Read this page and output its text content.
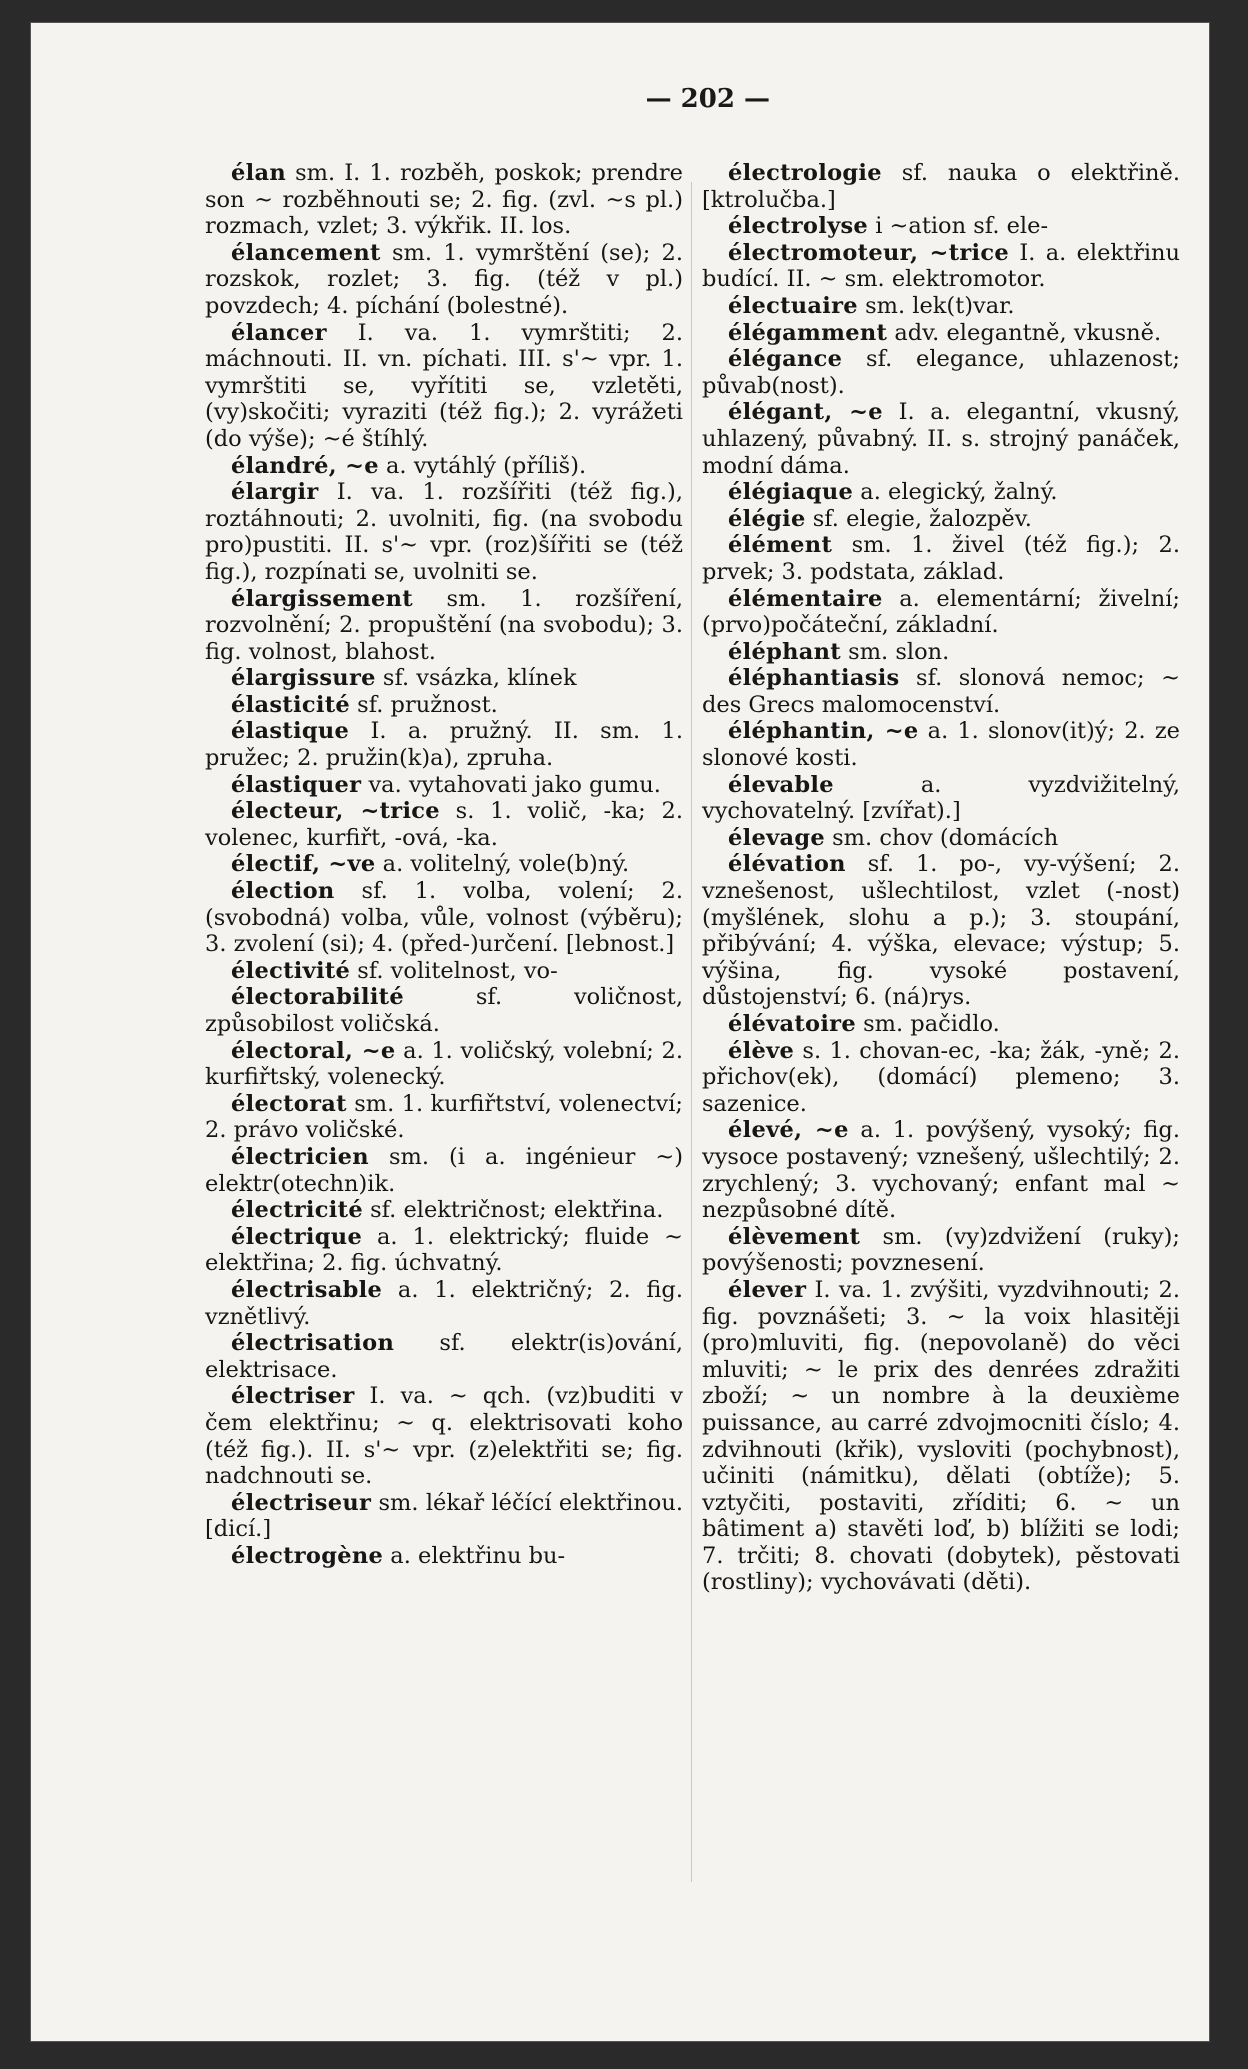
— 202 —

élan sm. I. 1. rozběh, poskok; prendre son ~ rozběhnouti se; 2. fig. (zvl. ~s pl.) rozmach, vzlet; 3. výkřik. II. los.

élancement sm. 1. vymrštění (se); 2. rozskok, rozlet; 3. fig. (též v pl.) povzdech; 4. píchání (bolestné).

élancer I. va. 1. vymrštiti; 2. máchnouti. II. vn. píchati. III. s'~ vpr. 1. vymrštiti se, vyřítiti se, vzletěti, (vy)skočiti; vyraziti (též fig.); 2. vyrážeti (do výše); ~é štíhlý.

élandré, ~e a. vytáhlý (příliš).

élargir I. va. 1. rozšířiti (též fig.), roztáhnouti; 2. uvolniti, fig. (na svobodu pro)pustiti. II. s'~ vpr. (roz)šířiti se (též fig.), rozpínati se, uvolniti se.

élargissement sm. 1. rozšíření, rozvolnění; 2. propuštění (na svobodu); 3. fig. volnost, blahost.

élargissure sf. vsázka, klínek

élasticité sf. pružnost.

élastique I. a. pružný. II. sm. 1. pružec; 2. pružin(k)a), zpruha.

élastiquer va. vytahovati jako gumu.

électeur, ~trice s. 1. volič, -ka; 2. volenec, kurfiřt, -ová, -ka.

électif, ~ve a. volitelný, vole(b)ný.

élection sf. 1. volba, volení; 2. (svobodná) volba, vůle, volnost (výběru); 3. zvolení (si); 4. (před-)určení. [lebnost.]

électivité sf. volitelnost, vo-

électorabilité sf. voličnost, způsobilost voličská.

électoral, ~e a. 1. voličský, volební; 2. kurfiřtský, volenecký.

électorat sm. 1. kurfiřtství, volenectví; 2. právo voličské.

électricien sm. (i a. ingénieur ~) elektr(otechn)ik.

électricité sf. električnost; elektřina.

électrique a. 1. elektrický; fluide ~ elektřina; 2. fig. úchvatný.

électrisable a. 1. električný; 2. fig. vznětlivý.

électrisation sf. elektr(is)ování, elektrisace.

électriser I. va. ~ qch. (vz)buditi v čem elektřinu; ~ q. elektrisovati koho (též fig.). II. s'~ vpr. (z)elektřiti se; fig. nadchnouti se.

électriseur sm. lékař léčící elektřinou. [dicí.]

électrogène a. elektřinu bu-

électrologie sf. nauka o elektřině. [ktrolučba.]

électrolyse i ~ation sf. ele-

électromoteur, ~trice I. a. elektřinu budící. II. ~ sm. elektromotor.

électuaire sm. lek(t)var.

élégamment adv. elegantně, vkusně.

élégance sf. elegance, uhlazenost; půvab(nost).

élégant, ~e I. a. elegantní, vkusný, uhlazený, půvabný. II. s. strojný panáček, modní dáma.

élégiaque a. elegický, žalný.

élégie sf. elegie, žalozpěv.

élément sm. 1. živel (též fig.); 2. prvek; 3. podstata, základ.

élémentaire a. elementární; živelní; (prvo)počáteční, základní.

éléphant sm. slon.

éléphantiasis sf. slonová nemoc; ~ des Grecs malomocenství.

éléphantin, ~e a. 1. slonov(it)ý; 2. ze slonové kosti.

élevable a. vyzdvižitelný, vychovatelný. [zvířat).]

élevage sm. chov (domácích

élévation sf. 1. po-, vy-výšení; 2. vznešenost, ušlechtilost, vzlet (-nost) (myšlének, slohu a p.); 3. stoupání, přibývání; 4. výška, elevace; výstup; 5. výšina, fig. vysoké postavení, důstojenství; 6. (ná)rys.

élévatoire sm. pačidlo.

élève s. 1. chovan-ec, -ka; žák, -yně; 2. přichov(ek), (domácí) plemeno; 3. sazenice.

élevé, ~e a. 1. povýšený, vysoký; fig. vysoce postavený; vznešený, ušlechtilý; 2. zrychlený; 3. vychovaný; enfant mal ~ nezpůsobné dítě.

élèvement sm. (vy)zdvižení (ruky); povýšenosti; povznesení.

élever I. va. 1. zvýšiti, vyzdvihnouti; 2. fig. povznášeti; 3. ~ la voix hlasitěji (pro)mluviti, fig. (nepovolaně) do věci mluviti; ~ le prix des denrées zdražiti zboží; ~ un nombre à la deuxième puissance, au carré zdvojmocniti číslo; 4. zdvihnouti (křik), vysloviti (pochybnost), učiniti (námitku), dělati (obtíže); 5. vztyčiti, postaviti, zříditi; 6. ~ un bâtiment a) stavěti loď, b) blížiti se lodi; 7. trčiti; 8. chovati (dobytek), pěstovati (rostliny); vychovávati (děti).
